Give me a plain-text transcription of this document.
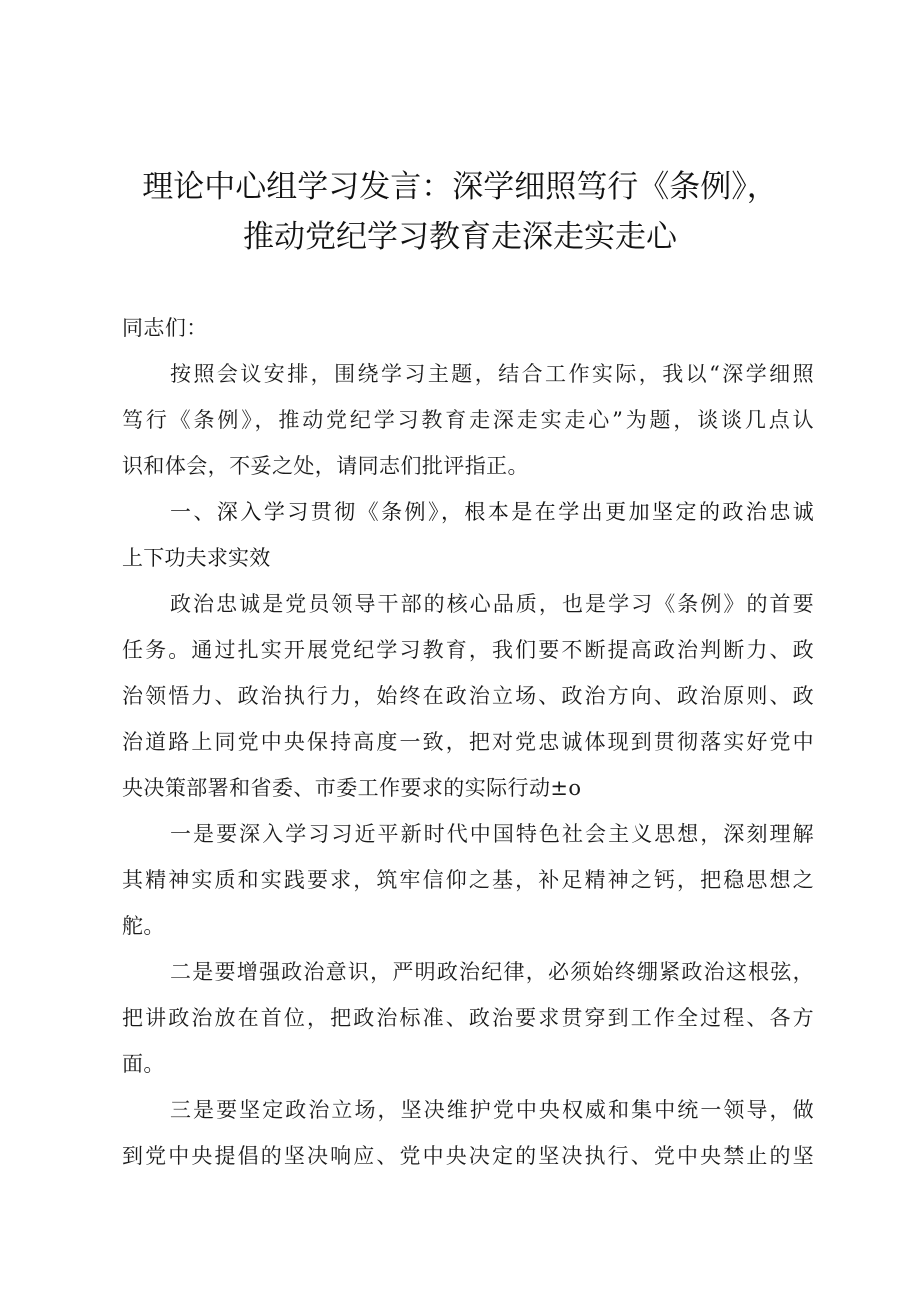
理论中心组学习发言：深学细照笃行《条例》，
推动党纪学习教育走深走实走心
同志们：
按照会议安排，围绕学习主题，结合工作实际，我以“深学细照
笃行《条例》，推动党纪学习教育走深走实走心”为题，谈谈几点认
识和体会，不妥之处，请同志们批评指正。
一、深入学习贯彻《条例》，根本是在学出更加坚定的政治忠诚
上下功夫求实效
政治忠诚是党员领导干部的核心品质，也是学习《条例》的首要
任务。通过扎实开展党纪学习教育，我们要不断提高政治判断力、政
治领悟力、政治执行力，始终在政治立场、政治方向、政治原则、政
治道路上同党中央保持高度一致，把对党忠诚体现到贯彻落实好党中
央决策部署和省委、市委工作要求的实际行动±o
一是要深入学习习近平新时代中国特色社会主义思想，深刻理解
其精神实质和实践要求，筑牢信仰之基，补足精神之钙，把稳思想之
舵。
二是要增强政治意识，严明政治纪律，必须始终绷紧政治这根弦，
把讲政治放在首位，把政治标准、政治要求贯穿到工作全过程、各方
面。
三是要坚定政治立场，坚决维护党中央权威和集中统一领导，做
到党中央提倡的坚决响应、党中央决定的坚决执行、党中央禁止的坚
